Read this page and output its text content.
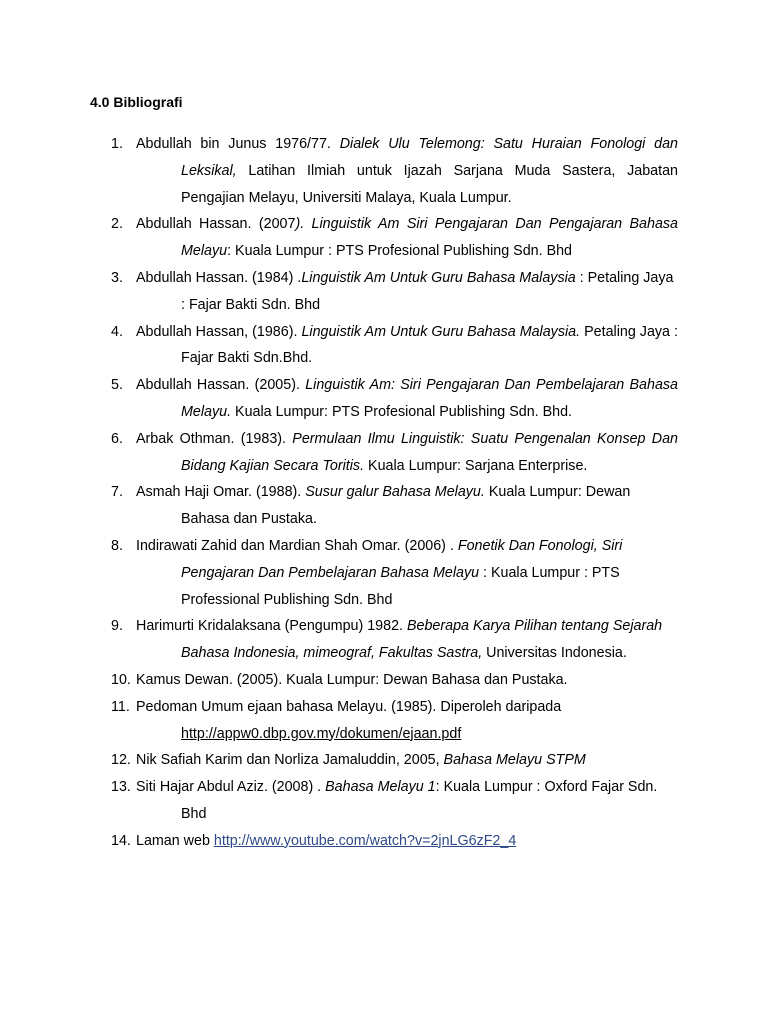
4.0 Bibliografi
1. Abdullah bin Junus 1976/77. Dialek Ulu Telemong: Satu Huraian Fonologi dan Leksikal, Latihan Ilmiah untuk Ijazah Sarjana Muda Sastera, Jabatan Pengajian Melayu, Universiti Malaya, Kuala Lumpur.
2. Abdullah Hassan. (2007). Linguistik Am Siri Pengajaran Dan Pengajaran Bahasa Melayu: Kuala Lumpur : PTS Profesional Publishing Sdn. Bhd
3. Abdullah Hassan. (1984) .Linguistik Am Untuk Guru Bahasa Malaysia : Petaling Jaya : Fajar Bakti Sdn. Bhd
4. Abdullah Hassan, (1986). Linguistik Am Untuk Guru Bahasa Malaysia. Petaling Jaya : Fajar Bakti Sdn.Bhd.
5. Abdullah Hassan. (2005). Linguistik Am: Siri Pengajaran Dan Pembelajaran Bahasa Melayu. Kuala Lumpur: PTS Profesional Publishing Sdn. Bhd.
6. Arbak Othman. (1983). Permulaan Ilmu Linguistik: Suatu Pengenalan Konsep Dan Bidang Kajian Secara Toritis. Kuala Lumpur: Sarjana Enterprise.
7. Asmah Haji Omar. (1988). Susur galur Bahasa Melayu. Kuala Lumpur: Dewan Bahasa dan Pustaka.
8. Indirawati Zahid dan Mardian Shah Omar. (2006) . Fonetik Dan Fonologi, Siri Pengajaran Dan Pembelajaran Bahasa Melayu : Kuala Lumpur : PTS Professional Publishing Sdn. Bhd
9. Harimurti Kridalaksana (Pengumpu) 1982. Beberapa Karya Pilihan tentang Sejarah Bahasa Indonesia, mimeograf, Fakultas Sastra, Universitas Indonesia.
10. Kamus Dewan. (2005). Kuala Lumpur: Dewan Bahasa dan Pustaka.
11. Pedoman Umum ejaan bahasa Melayu. (1985). Diperoleh daripada http://appw0.dbp.gov.my/dokumen/ejaan.pdf
12. Nik Safiah Karim dan Norliza Jamaluddin, 2005, Bahasa Melayu STPM
13. Siti Hajar Abdul Aziz. (2008) . Bahasa Melayu 1: Kuala Lumpur : Oxford Fajar Sdn. Bhd
14. Laman web http://www.youtube.com/watch?v=2jnLG6zF2_4
